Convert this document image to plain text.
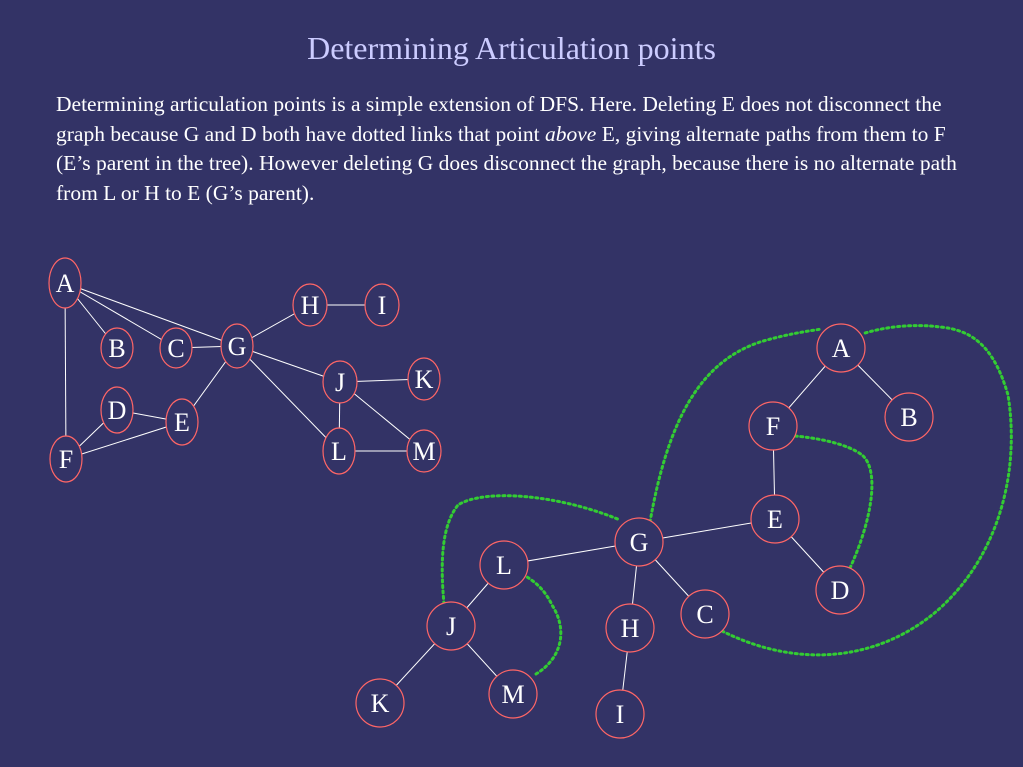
Determining Articulation points
Determining articulation points is a simple extension of DFS. Here. Deleting E does not disconnect the graph because G and D both have dotted links that point above E, giving alternate paths from them to F (E’s parent in the tree). However deleting G does disconnect the graph, because there is no alternate path from L or H to E (G’s parent).
A
B C G
H I
J	K
L	M
D E
F
A
B
F
E
D
G
C
H
I
L
J
K	M
